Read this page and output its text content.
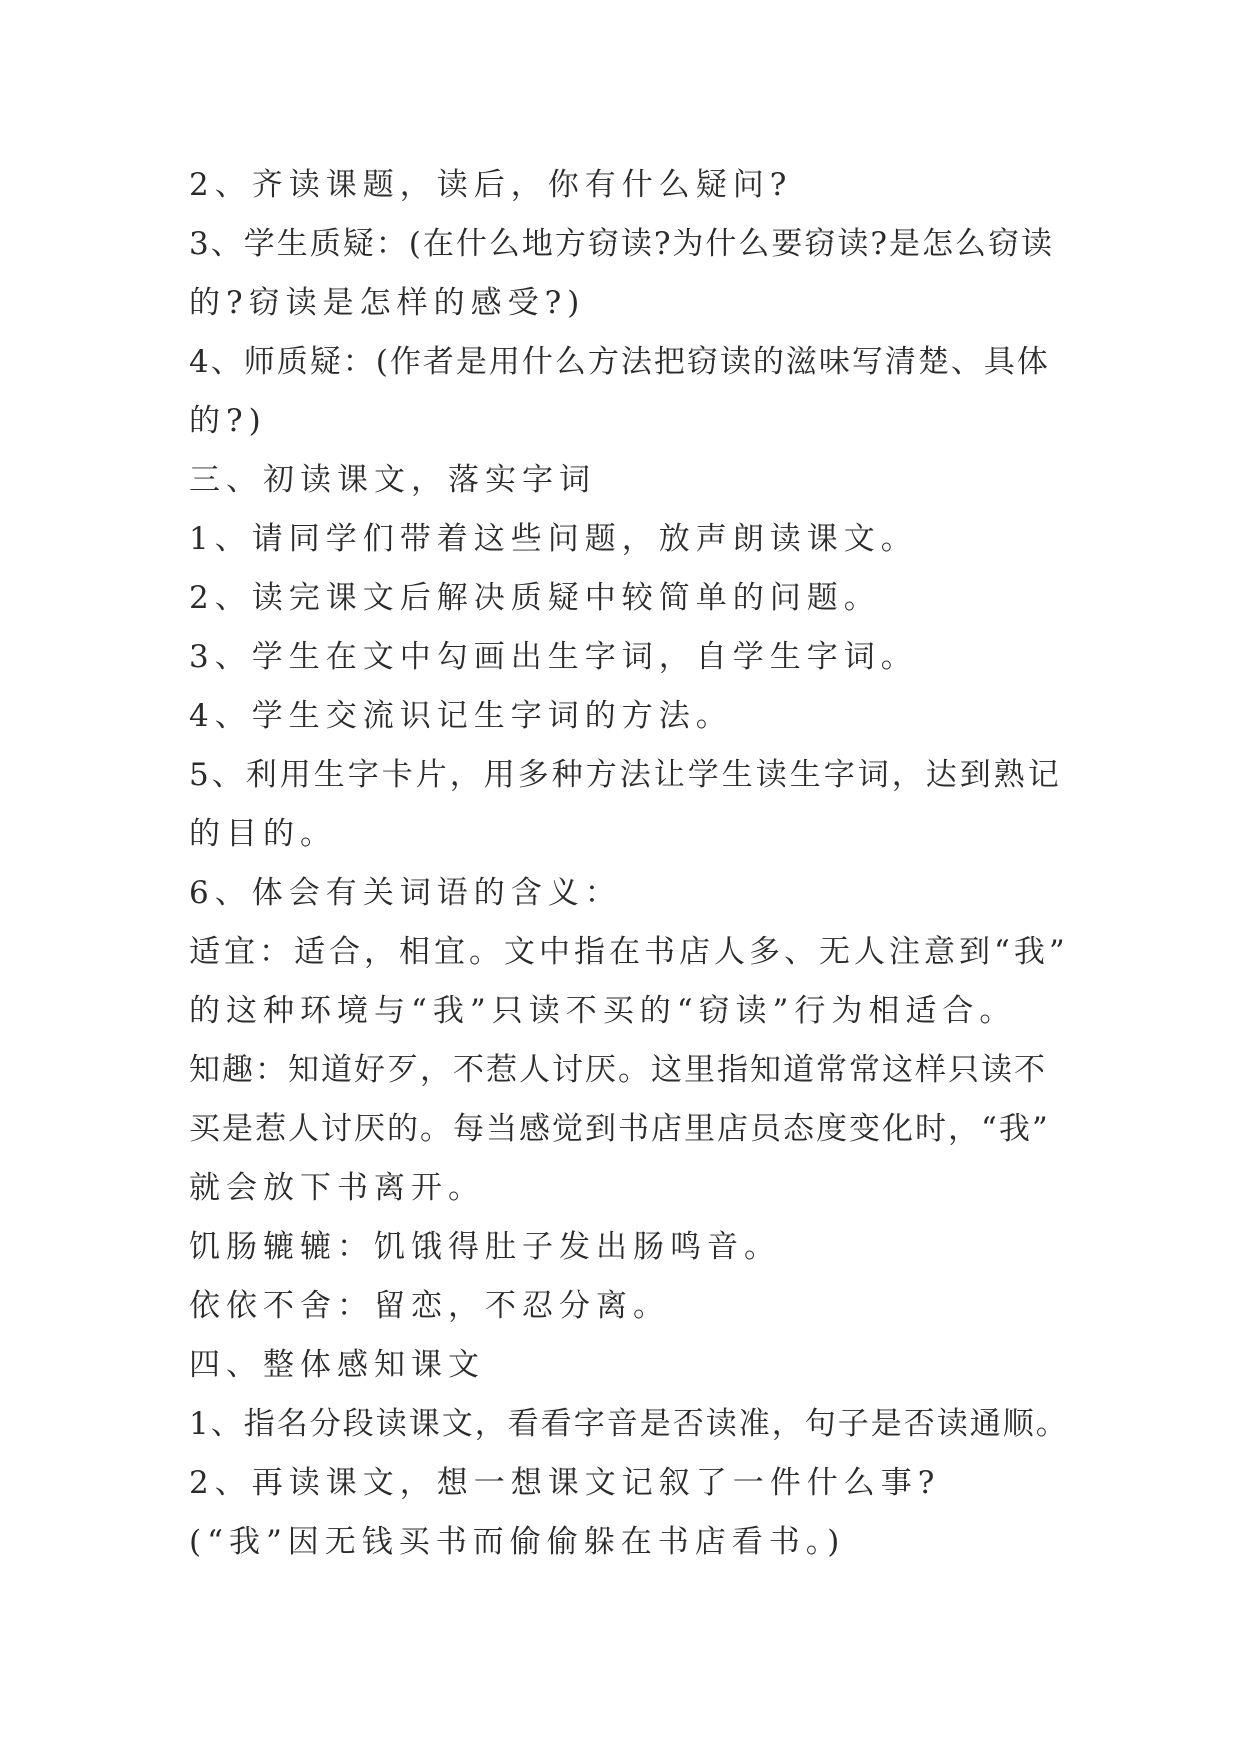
2、齐读课题，读后，你有什么疑问?
3、学生质疑：(在什么地方窃读?为什么要窃读?是怎么窃读
的?窃读是怎样的感受?)
4、师质疑：(作者是用什么方法把窃读的滋味写清楚、具体
的?)
三、初读课文，落实字词
1、请同学们带着这些问题，放声朗读课文。
2、读完课文后解决质疑中较简单的问题。
3、学生在文中勾画出生字词，自学生字词。
4、学生交流识记生字词的方法。
5、利用生字卡片，用多种方法让学生读生字词，达到熟记
的目的。
6、体会有关词语的含义：
适宜：适合，相宜。文中指在书店人多、无人注意到“我”
的这种环境与“我”只读不买的“窃读”行为相适合。
知趣：知道好歹，不惹人讨厌。这里指知道常常这样只读不
买是惹人讨厌的。每当感觉到书店里店员态度变化时，“我”
就会放下书离开。
饥肠辘辘：饥饿得肚子发出肠鸣音。
依依不舍：留恋，不忍分离。
四、整体感知课文
1、指名分段读课文，看看字音是否读准，句子是否读通顺。
2、再读课文，想一想课文记叙了一件什么事?
(“我”因无钱买书而偷偷躲在书店看书。)
